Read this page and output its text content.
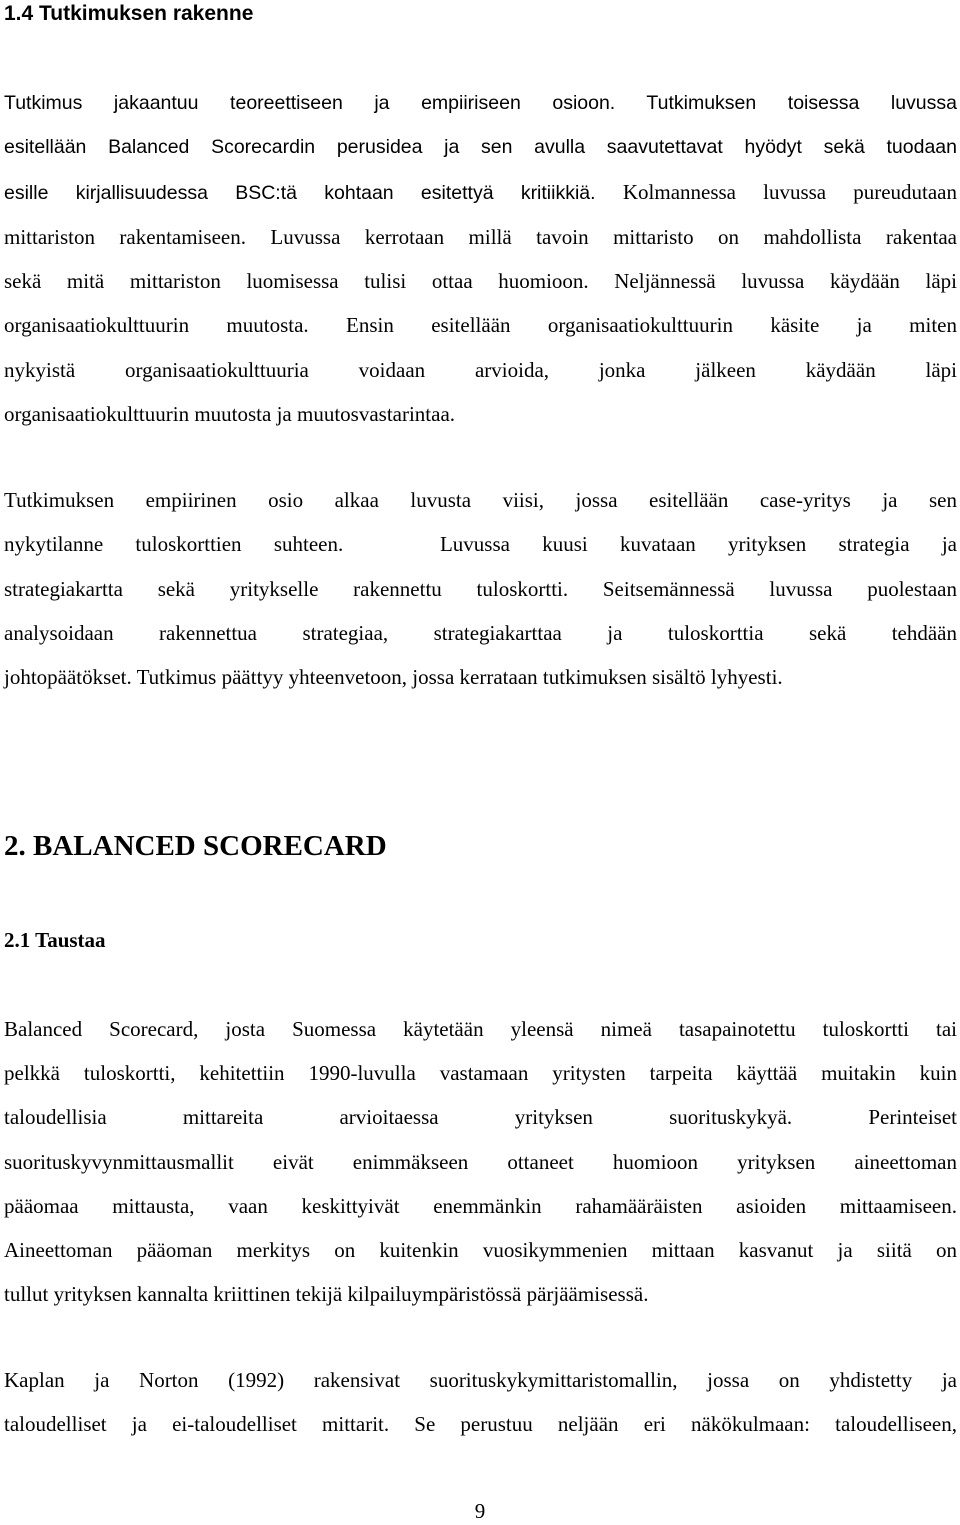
1.4 Tutkimuksen rakenne
Tutkimus jakaantuu teoreettiseen ja empiiriseen osioon. Tutkimuksen toisessa luvussa
esitellään Balanced Scorecardin perusidea ja sen avulla saavutettavat hyödyt sekä tuodaan
esille kirjallisuudessa BSC:tä kohtaan esitettyä kritiikkiä. Kolmannessa luvussa pureudutaan
mittariston rakentamiseen. Luvussa kerrotaan millä tavoin mittaristo on mahdollista rakentaa
sekä mitä mittariston luomisessa tulisi ottaa huomioon. Neljännessä luvussa käydään läpi
organisaatiokulttuurin muutosta. Ensin esitellään organisaatiokulttuurin käsite ja miten
nykyistä organisaatiokulttuuria voidaan arvioida, jonka jälkeen käydään läpi
organisaatiokulttuurin muutosta ja muutosvastarintaa.
Tutkimuksen empiirinen osio alkaa luvusta viisi, jossa esitellään case-yritys ja sen
nykytilanne tuloskorttien suhteen.	Luvussa kuusi kuvataan yrityksen strategia ja
strategiakartta sekä yritykselle rakennettu tuloskortti. Seitsemännessä luvussa puolestaan
analysoidaan rakennettua strategiaa, strategiakarttaa ja tuloskorttia sekä tehdään
johtopäätökset. Tutkimus päättyy yhteenvetoon, jossa kerrataan tutkimuksen sisältö lyhyesti.
2. BALANCED SCORECARD
2.1 Taustaa
Balanced Scorecard, josta Suomessa käytetään yleensä nimeä tasapainotettu tuloskortti tai
pelkkä tuloskortti, kehitettiin 1990-luvulla vastamaan yritysten tarpeita käyttää muitakin kuin
taloudellisia mittareita arvioitaessa yrityksen suorituskykyä. Perinteiset
suorituskyvynmittausmallit eivät enimmäkseen ottaneet huomioon yrityksen aineettoman
pääomaa mittausta, vaan keskittyivät enemmänkin rahamääräisten asioiden mittaamiseen.
Aineettoman pääoman merkitys on kuitenkin vuosikymmenien mittaan kasvanut ja siitä on
tullut yrityksen kannalta kriittinen tekijä kilpailuympäristössä pärjäämisessä.
Kaplan ja Norton (1992) rakensivat suorituskykymittaristomallin, jossa on yhdistetty ja
taloudelliset ja ei-taloudelliset mittarit. Se perustuu neljään eri näkökulmaan: taloudelliseen,
9
